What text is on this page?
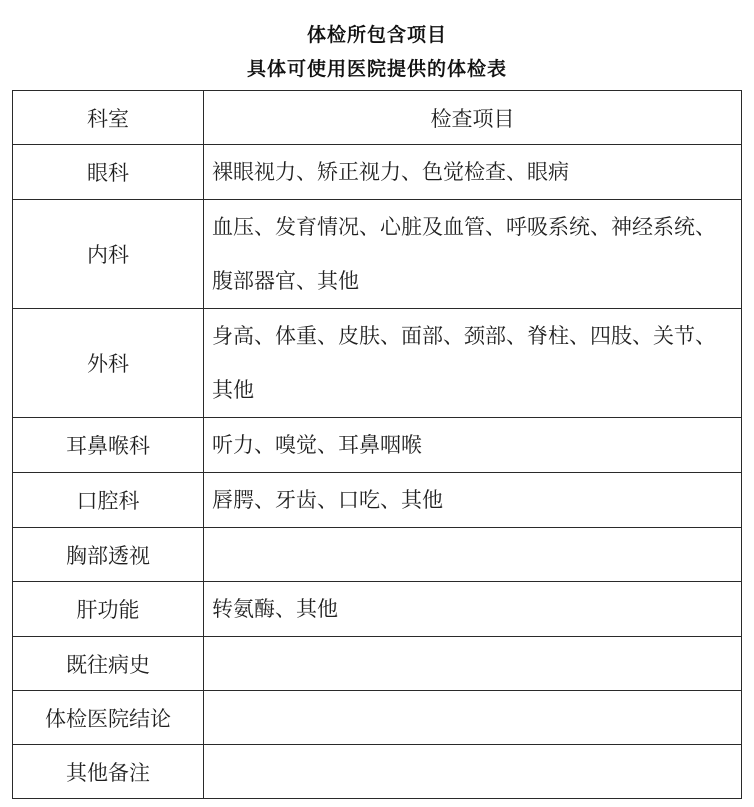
体检所包含项目
具体可使用医院提供的体检表
科室	检查项目
眼科	裸眼视力、矫正视力、色觉检查、眼病
内科	血压、发育情况、心脏及血管、呼吸系统、神经系统、腹部器官、其他
外科	身高、体重、皮肤、面部、颈部、脊柱、四肢、关节、其他
耳鼻喉科	听力、嗅觉、耳鼻咽喉
口腔科	唇腭、牙齿、口吃、其他
胸部透视	
肝功能	转氨酶、其他
既往病史	
体检医院结论	
其他备注	
